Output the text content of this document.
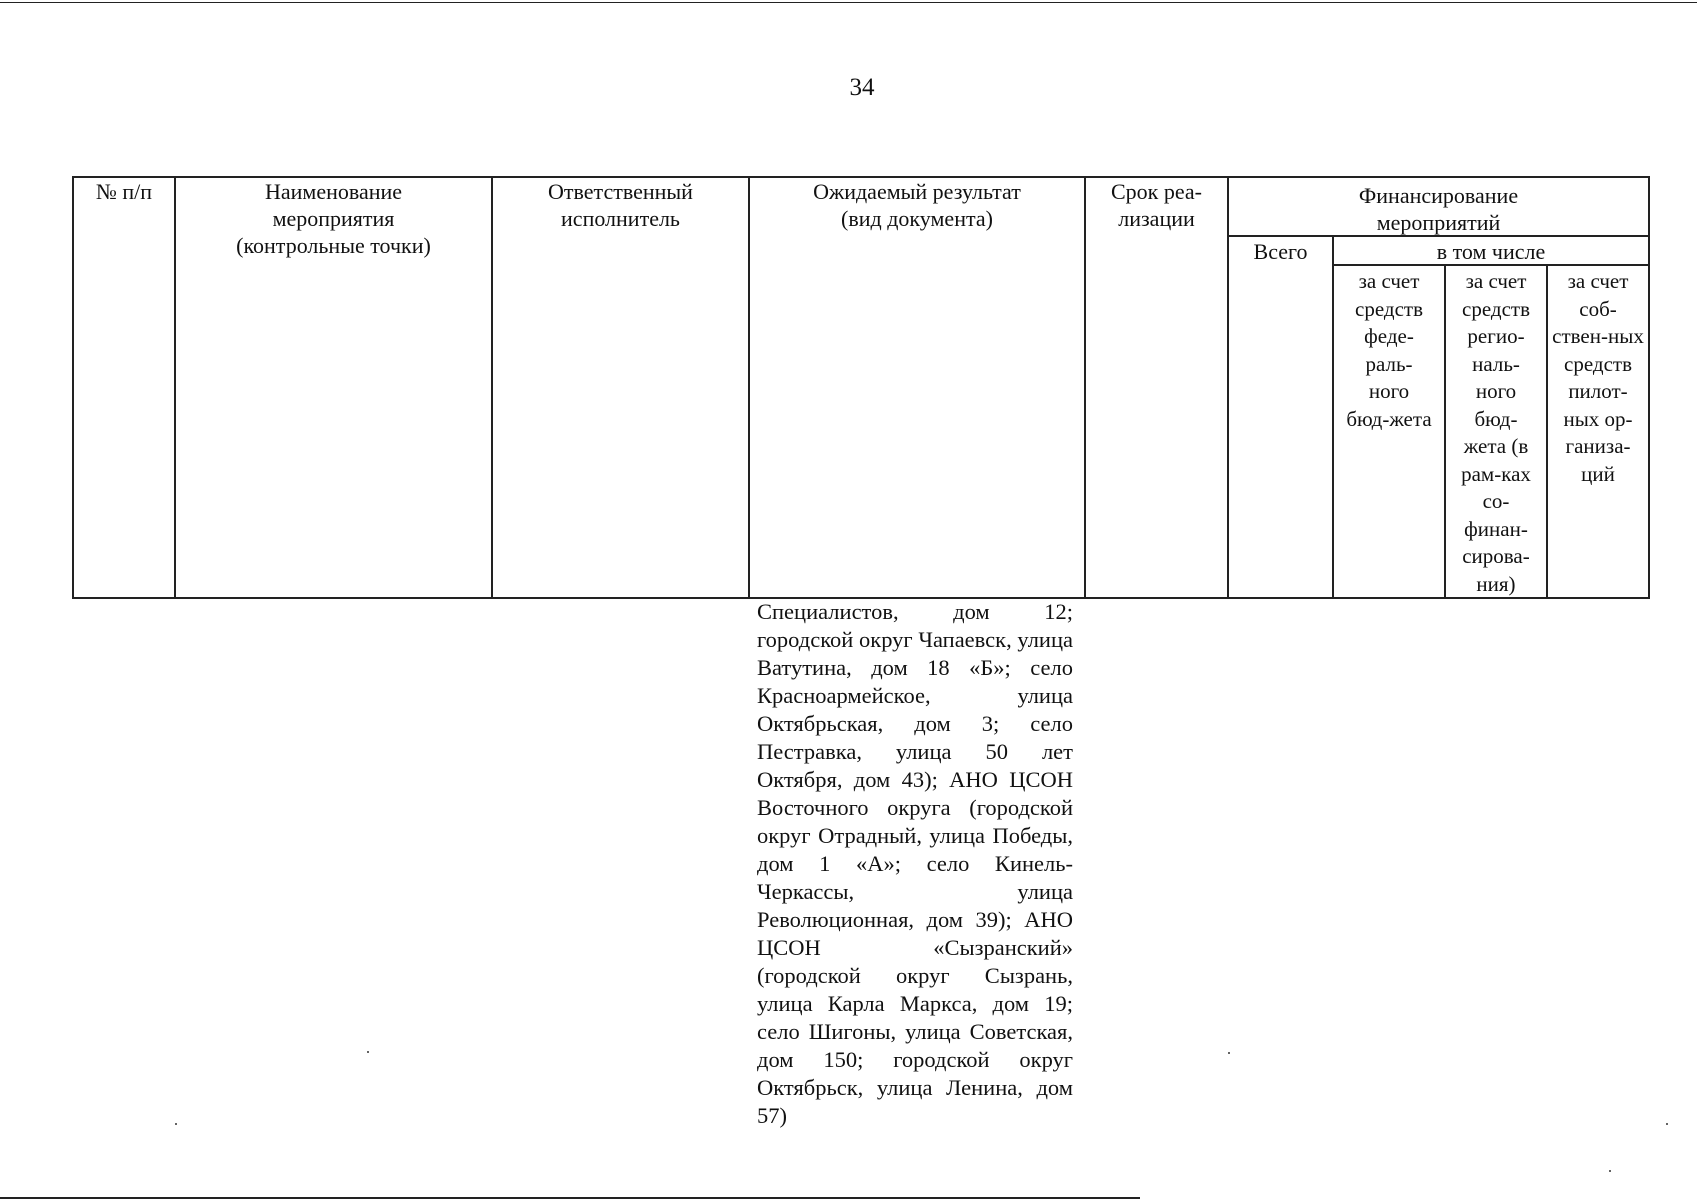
34
№ п/п	Наименование мероприятия (контрольные точки)
Ответственный исполнитель
Ожидаемый результат (вид документа)
Срок реа-лизации
Финансирование мероприятий
Всего	в том числе
за счет средств феде-раль-ного бюд-жета
за счет средств регио-наль-ного бюд-жета (в рам-ках со-финан-сирова-ния)
за счет соб-ствен-ных средств пилот-ных ор-ганиза-ций

Специалистов, дом 12; городской округ Чапаевск, улица Ватутина, дом 18 «Б»; село Красноармейское, улица Октябрьская, дом 3; село Пестравка, улица 50 лет Октября, дом 43); АНО ЦСОН Восточного округа (городской округ Отрадный, улица Победы, дом 1 «А»; село Кинель-Черкассы, улица Революционная, дом 39); АНО ЦСОН «Сызранский» (городской округ Сызрань, улица Карла Маркса, дом 19; село Шигоны, улица Советская, дом 150; городской округ Октябрьск, улица Ленина, дом 57)
